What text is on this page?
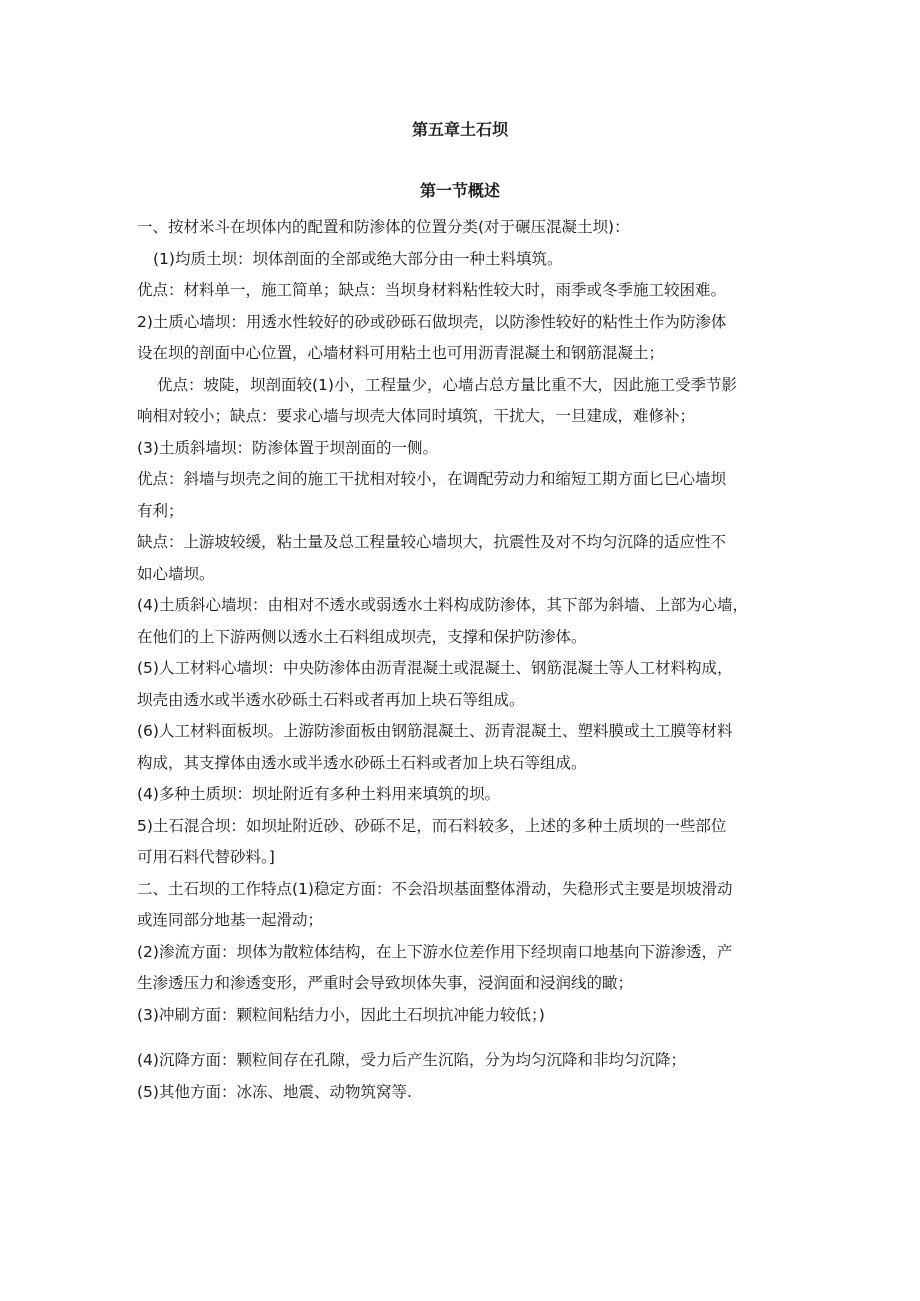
第五章土石坝
第一节概述

一、按材米斗在坝体内的配置和防渗体的位置分类(对于碾压混凝土坝)：

(1)均质土坝：坝体剖面的全部或绝大部分由一种土料填筑。

优点：材料单一，施工简单；缺点：当坝身材料粘性较大时，雨季或冬季施工较困难。

2)土质心墙坝：用透水性较好的砂或砂砾石做坝壳，以防渗性较好的粘性土作为防渗体
设在坝的剖面中心位置，心墙材料可用粘土也可用沥青混凝土和钢筋混凝土；

优点：坡陡，坝剖面较(1)小，工程量少，心墙占总方量比重不大，因此施工受季节影
响相对较小；缺点：要求心墙与坝壳大体同时填筑，干扰大，一旦建成，难修补；

(3)土质斜墙坝：防渗体置于坝剖面的一侧。

优点：斜墙与坝壳之间的施工干扰相对较小，在调配劳动力和缩短工期方面匕巳心墙坝
有利；

缺点：上游坡较缓，粘土量及总工程量较心墙坝大，抗震性及对不均匀沉降的适应性不
如心墙坝。

(4)土质斜心墙坝：由相对不透水或弱透水土料构成防渗体，其下部为斜墙、上部为心墙，
在他们的上下游两侧以透水土石料组成坝壳，支撑和保护防渗体。

(5)人工材料心墙坝：中央防渗体由沥青混凝土或混凝土、钢筋混凝土等人工材料构成，
坝壳由透水或半透水砂砾土石料或者再加上块石等组成。

(6)人工材料面板坝。上游防渗面板由钢筋混凝土、沥青混凝土、塑料膜或土工膜等材料
构成，其支撑体由透水或半透水砂砾土石料或者加上块石等组成。

(4)多种土质坝：坝址附近有多种土料用来填筑的坝。

5)土石混合坝：如坝址附近砂、砂砾不足，而石料较多，上述的多种土质坝的一些部位
可用石料代替砂料。]

二、土石坝的工作特点(1)稳定方面：不会沿坝基面整体滑动，失稳形式主要是坝坡滑动
或连同部分地基一起滑动；

(2)渗流方面：坝体为散粒体结构，在上下游水位差作用下经坝南口地基向下游渗透，产
生渗透压力和渗透变形，严重时会导致坝体失事，浸润面和浸润线的瞰；

(3)冲刷方面：颗粒间粘结力小，因此土石坝抗冲能力较低；)

(4)沉降方面：颗粒间存在孔隙，受力后产生沉陷，分为均匀沉降和非均匀沉降；

(5)其他方面：冰冻、地震、动物筑窝等.
